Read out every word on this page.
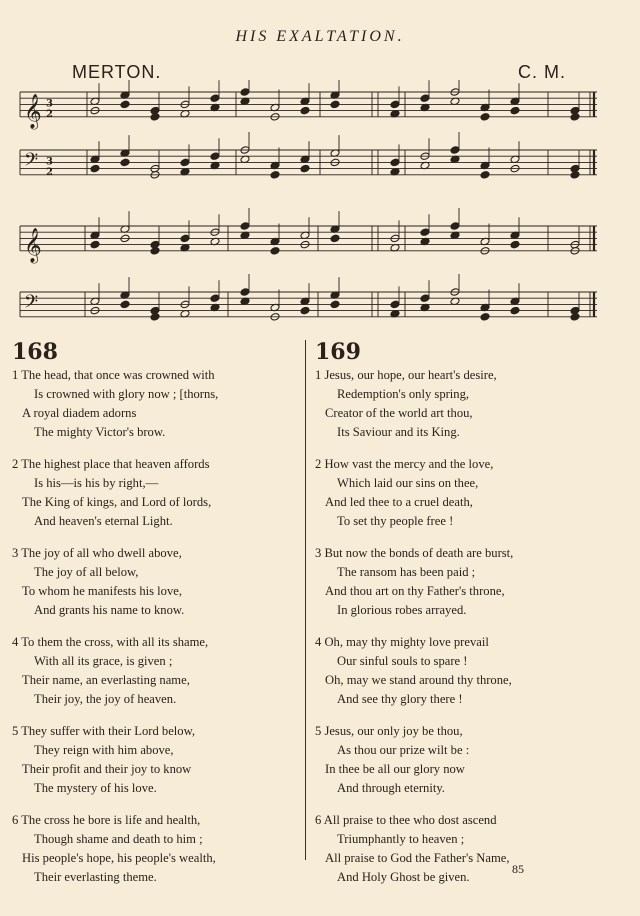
HIS EXALTATION.
MERTON.	C. M.
𝄞 3
2
𝄢 3
2
𝄞
𝄢
168
1 The head, that once was crowned with
Is crowned with glory now ; [thorns,
A royal diadem adorns
The mighty Victor's brow.
2 The highest place that heaven affords
Is his—is his by right,—
The King of kings, and Lord of lords,
And heaven's eternal Light.
3 The joy of all who dwell above,
The joy of all below,
To whom he manifests his love,
And grants his name to know.
4 To them the cross, with all its shame,
With all its grace, is given ;
Their name, an everlasting name,
Their joy, the joy of heaven.
5 They suffer with their Lord below,
They reign with him above,
Their profit and their joy to know
The mystery of his love.
6 The cross he bore is life and health,
Though shame and death to him ;
His people's hope, his people's wealth,
Their everlasting theme.
169
1 Jesus, our hope, our heart's desire,
Redemption's only spring,
Creator of the world art thou,
Its Saviour and its King.
2 How vast the mercy and the love,
Which laid our sins on thee,
And led thee to a cruel death,
To set thy people free !
3 But now the bonds of death are burst,
The ransom has been paid ;
And thou art on thy Father's throne,
In glorious robes arrayed.
4 Oh, may thy mighty love prevail
Our sinful souls to spare !
Oh, may we stand around thy throne,
And see thy glory there !
5 Jesus, our only joy be thou,
As thou our prize wilt be :
In thee be all our glory now
And through eternity.
6 All praise to thee who dost ascend
Triumphantly to heaven ;
All praise to God the Father's Name,
And Holy Ghost be given.
85
